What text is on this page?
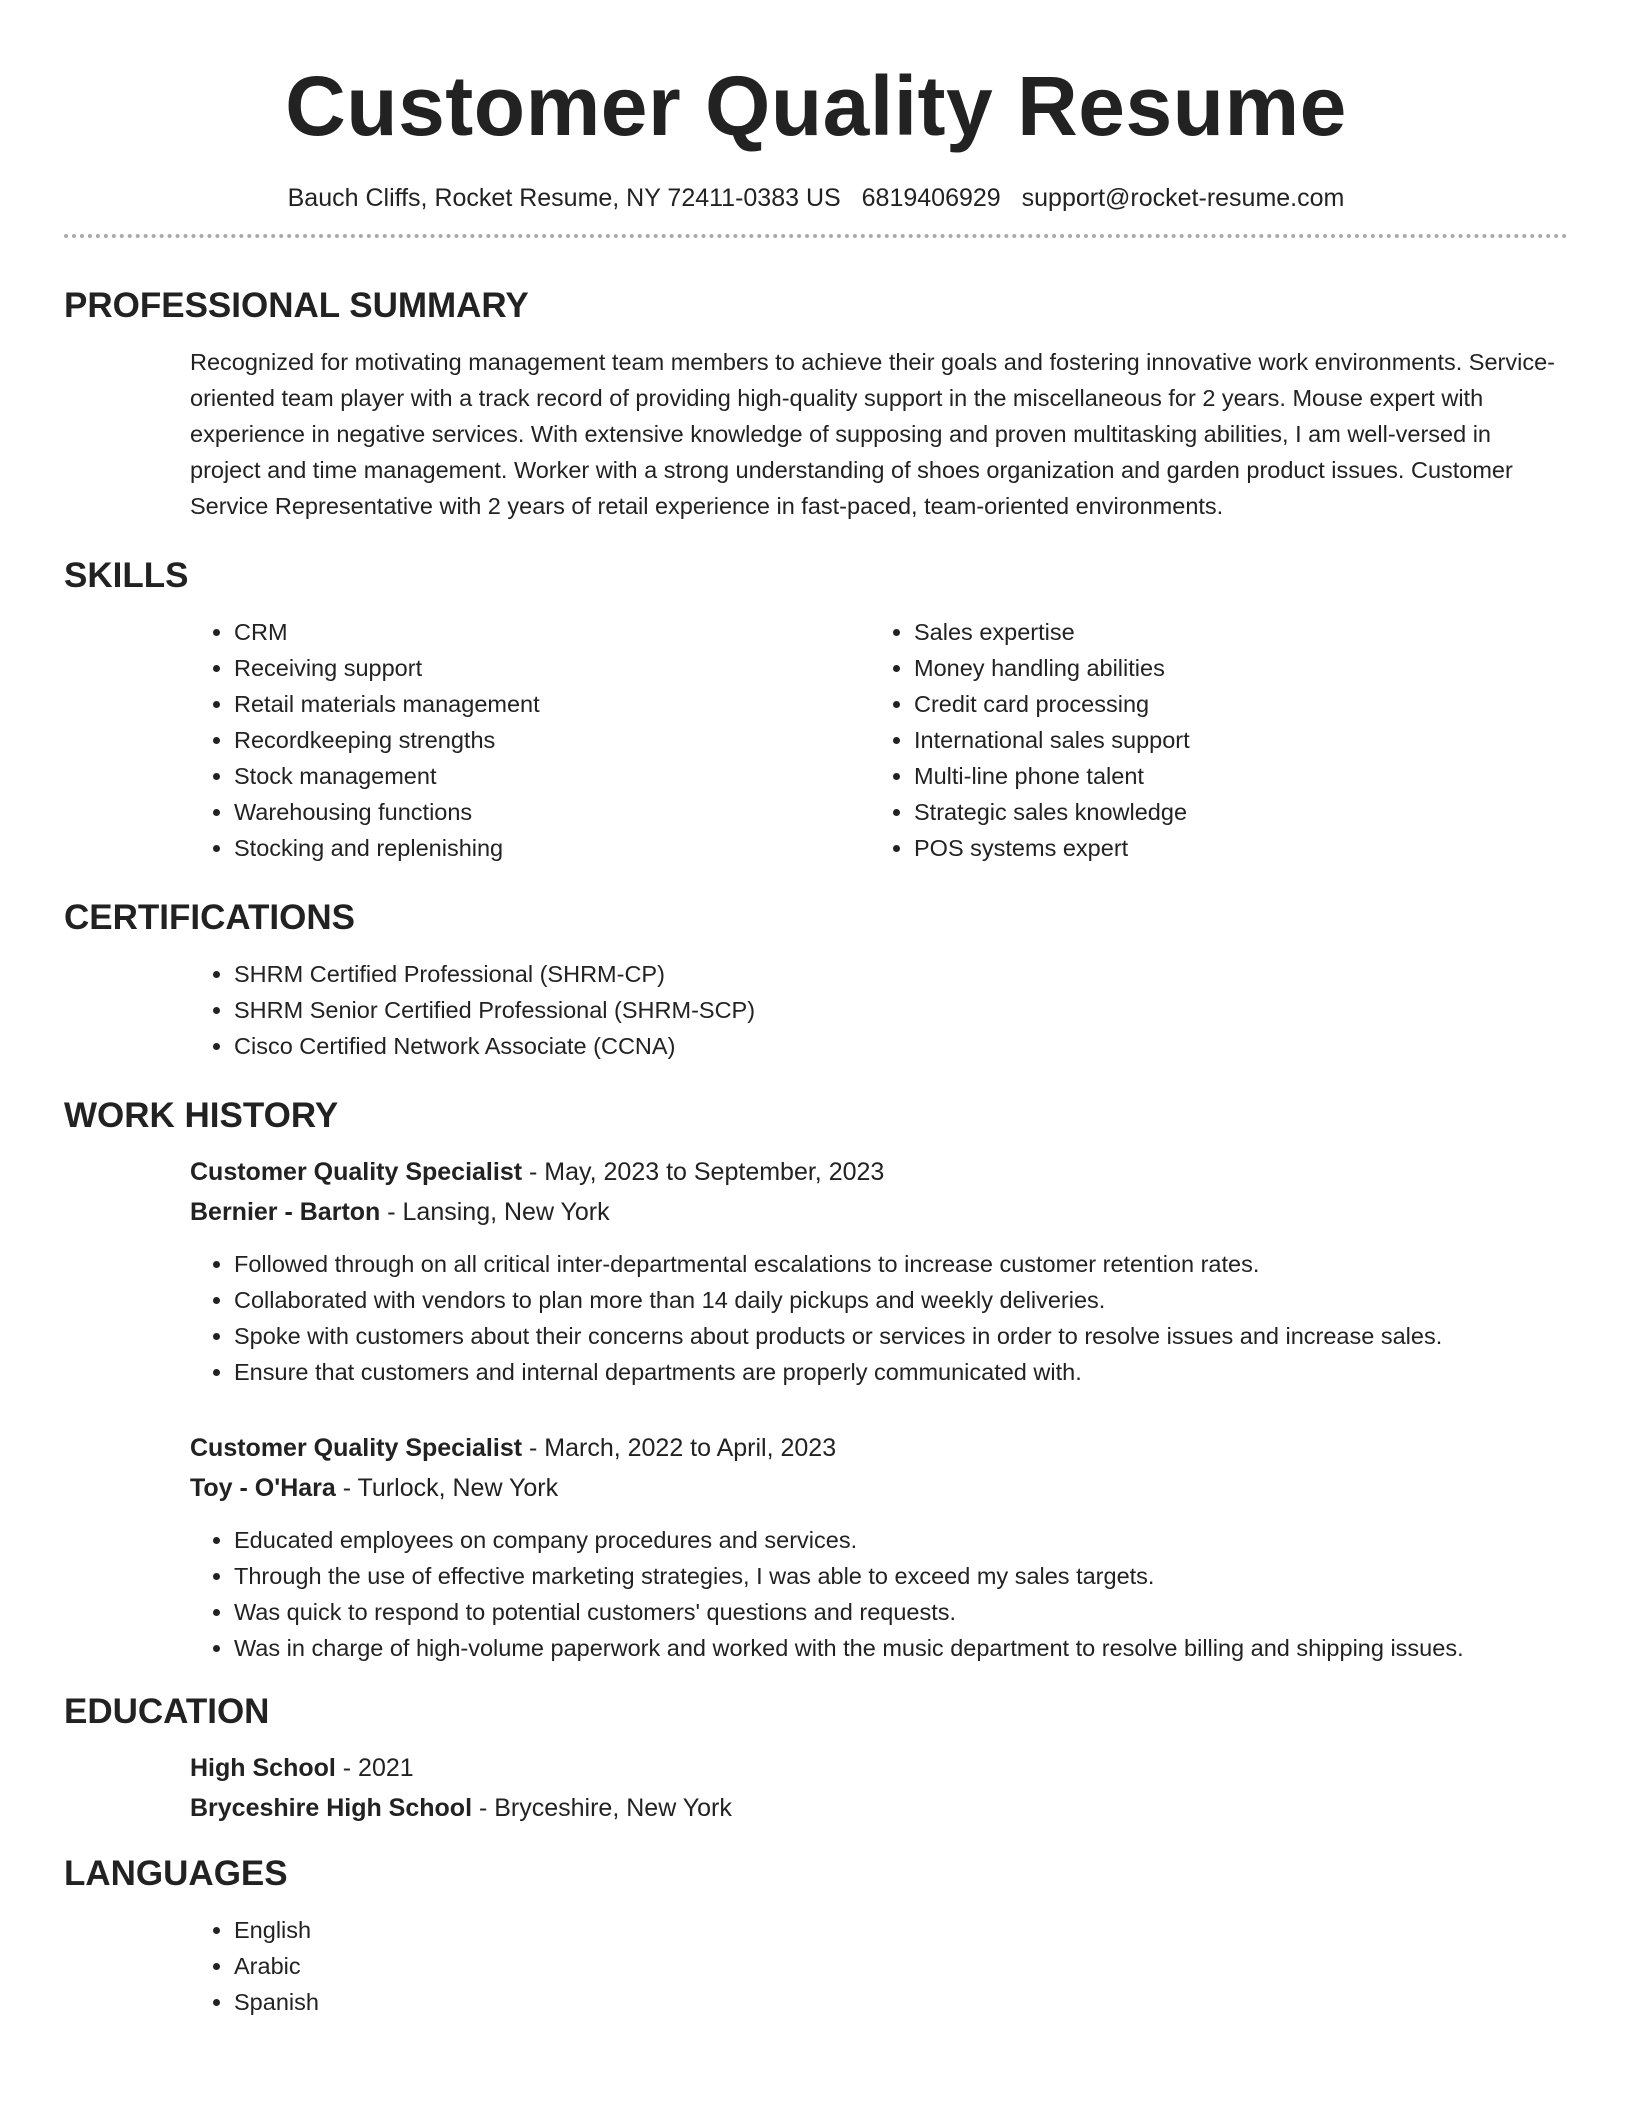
Customer Quality Resume
Bauch Cliffs, Rocket Resume, NY 72411-0383 US 6819406929 support@rocket-resume.com
PROFESSIONAL SUMMARY
Recognized for motivating management team members to achieve their goals and fostering innovative work environments. Service-oriented team player with a track record of providing high-quality support in the miscellaneous for 2 years. Mouse expert with experience in negative services. With extensive knowledge of supposing and proven multitasking abilities, I am well-versed in project and time management. Worker with a strong understanding of shoes organization and garden product issues. Customer Service Representative with 2 years of retail experience in fast-paced, team-oriented environments.
SKILLS
• CRM
• Receiving support
• Retail materials management
• Recordkeeping strengths
• Stock management
• Warehousing functions
• Stocking and replenishing
• Sales expertise
• Money handling abilities
• Credit card processing
• International sales support
• Multi-line phone talent
• Strategic sales knowledge
• POS systems expert
CERTIFICATIONS
• SHRM Certified Professional (SHRM-CP)
• SHRM Senior Certified Professional (SHRM-SCP)
• Cisco Certified Network Associate (CCNA)
WORK HISTORY
Customer Quality Specialist - May, 2023 to September, 2023
Bernier - Barton - Lansing, New York
• Followed through on all critical inter-departmental escalations to increase customer retention rates.
• Collaborated with vendors to plan more than 14 daily pickups and weekly deliveries.
• Spoke with customers about their concerns about products or services in order to resolve issues and increase sales.
• Ensure that customers and internal departments are properly communicated with.
Customer Quality Specialist - March, 2022 to April, 2023
Toy - O'Hara - Turlock, New York
• Educated employees on company procedures and services.
• Through the use of effective marketing strategies, I was able to exceed my sales targets.
• Was quick to respond to potential customers' questions and requests.
• Was in charge of high-volume paperwork and worked with the music department to resolve billing and shipping issues.
EDUCATION
High School - 2021
Bryceshire High School - Bryceshire, New York
LANGUAGES
• English
• Arabic
• Spanish
